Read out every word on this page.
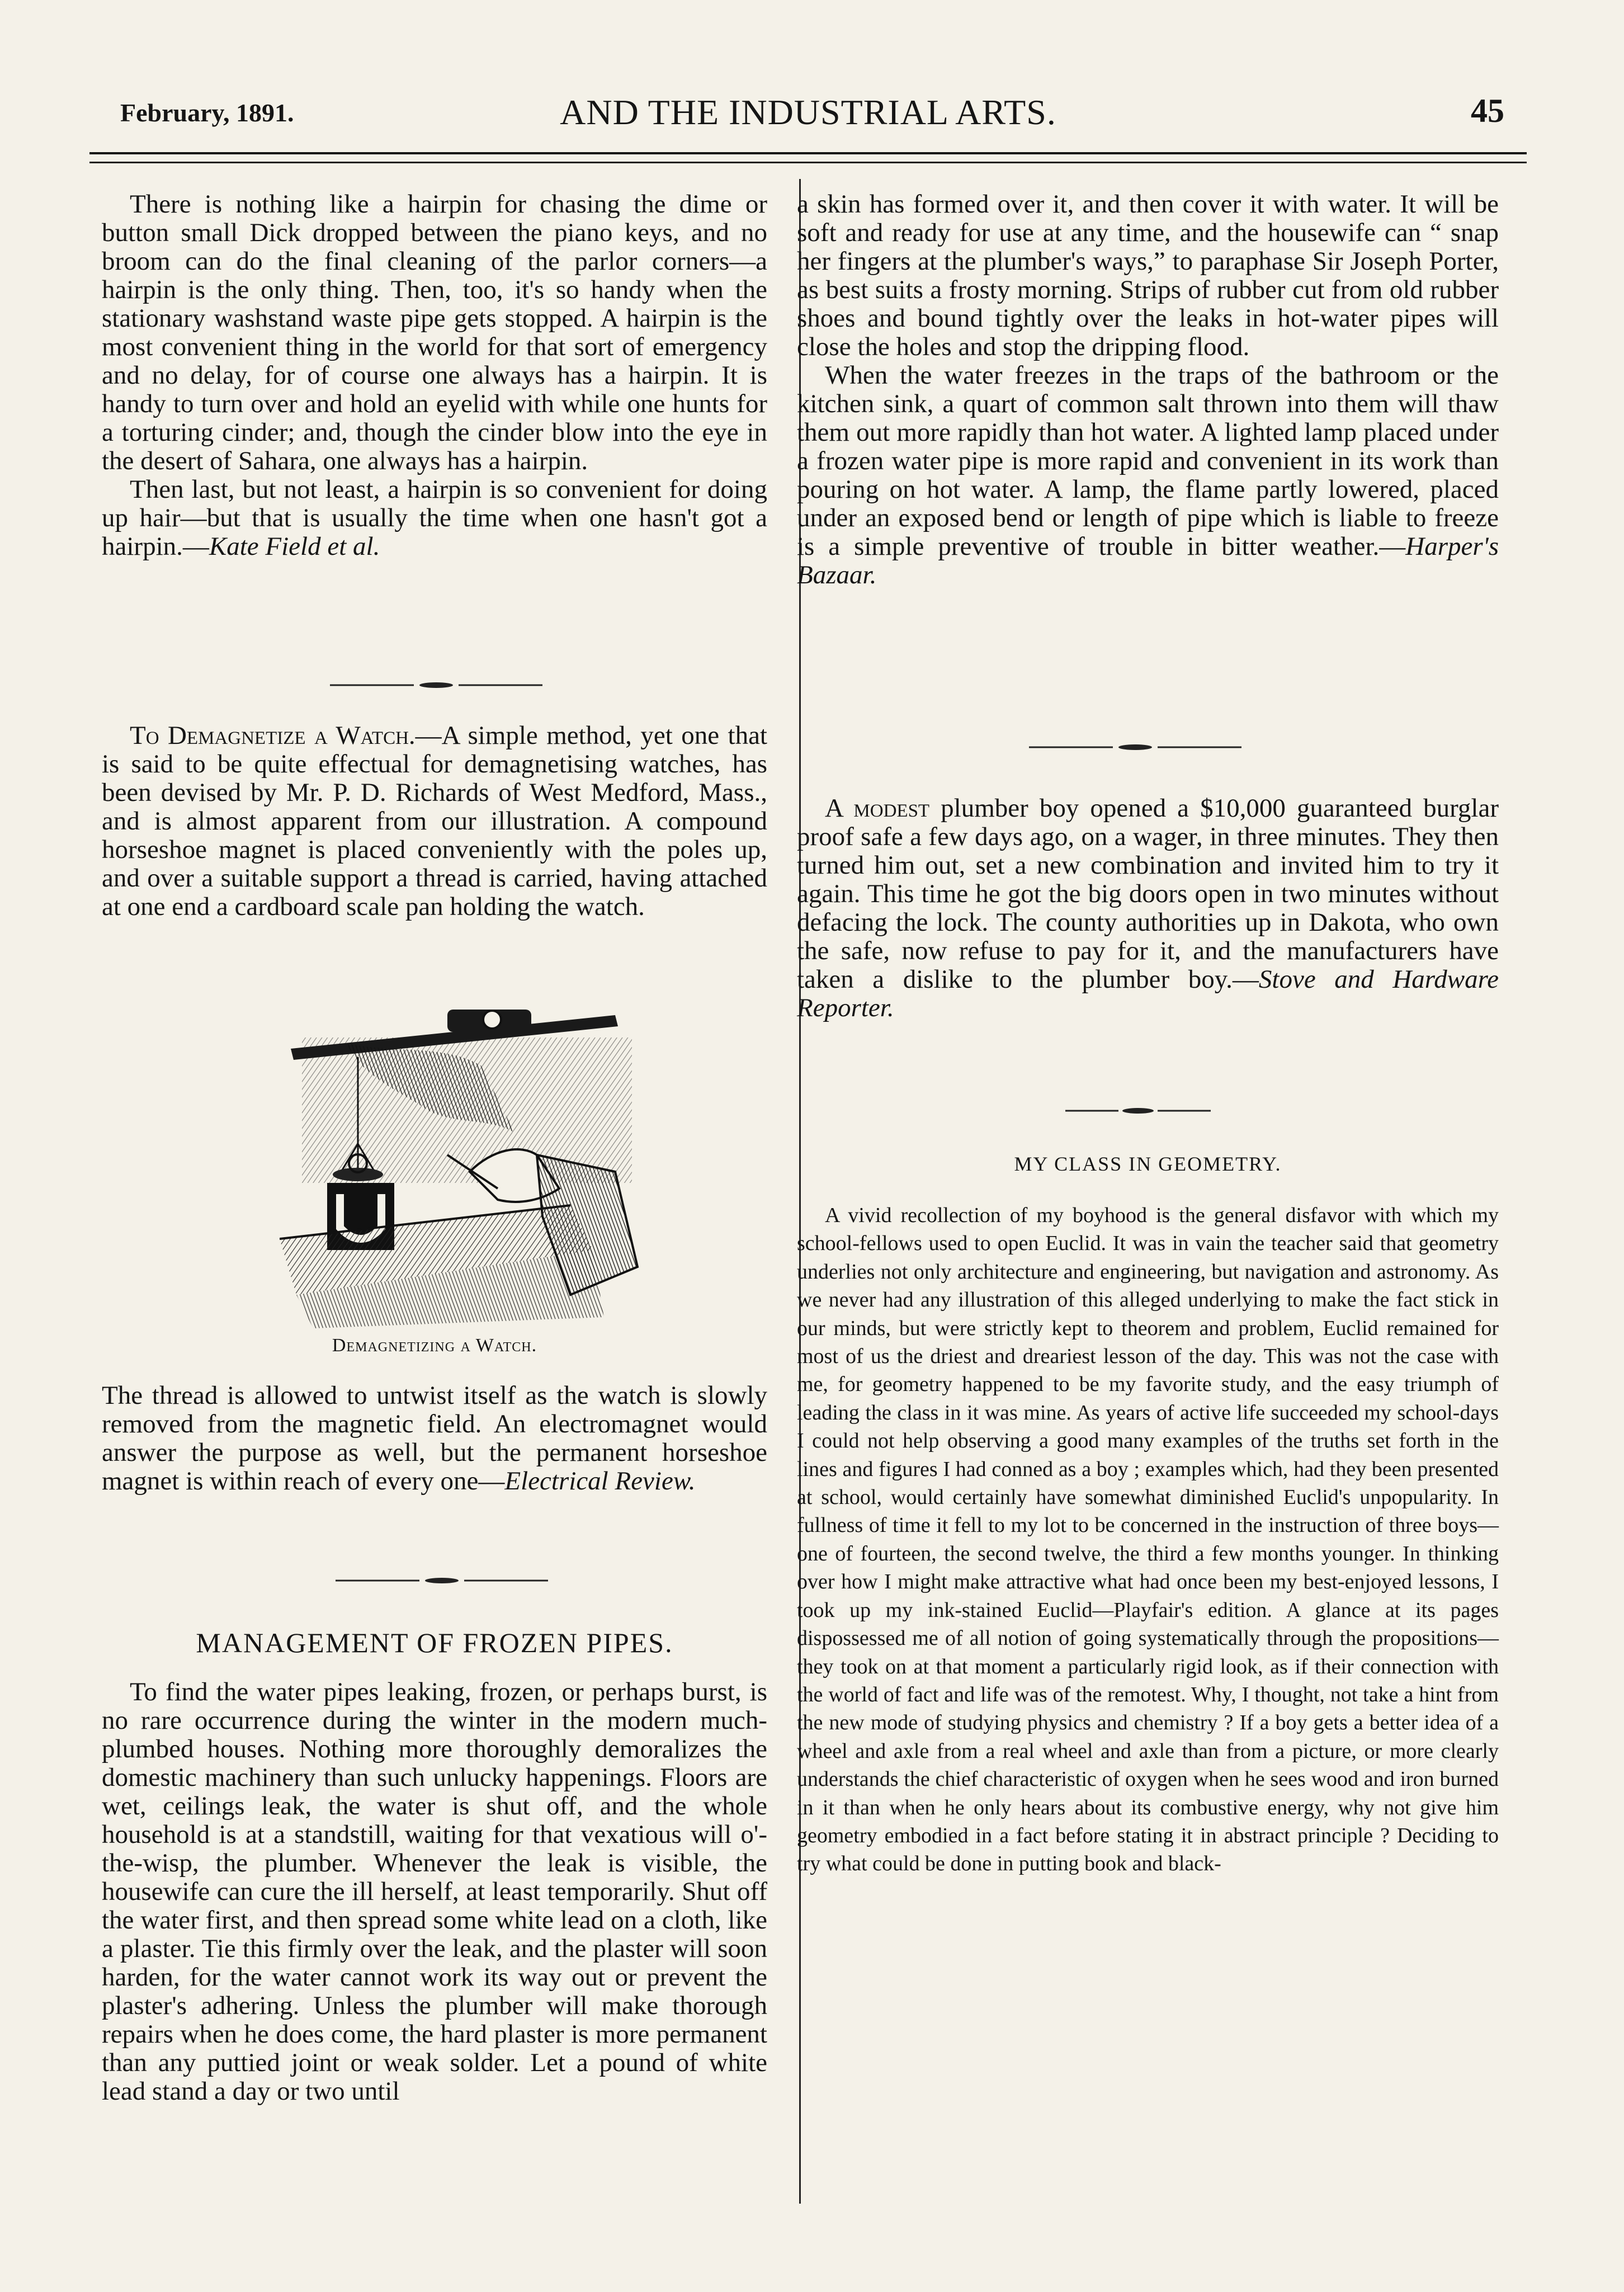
February, 1891.	AND THE INDUSTRIAL ARTS.	45

There is nothing like a hairpin for chasing the dime or button small Dick dropped between the piano keys, and no broom can do the final cleaning of the parlor corners—a hairpin is the only thing. Then, too, it's so handy when the stationary washstand waste pipe gets stopped. A hairpin is the most convenient thing in the world for that sort of emergency and no delay, for of course one always has a hairpin. It is handy to turn over and hold an eyelid with while one hunts for a torturing cinder; and, though the cinder blow into the eye in the desert of Sahara, one always has a hairpin.

Then last, but not least, a hairpin is so convenient for doing up hair—but that is usually the time when one hasn't got a hairpin.—Kate Field et al.

To Demagnetize a Watch.—A simple method, yet one that is said to be quite effectual for demagnetising watches, has been devised by Mr. P. D. Richards of West Medford, Mass., and is almost apparent from our illustration. A compound horseshoe magnet is placed conveniently with the poles up, and over a suitable support a thread is carried, having attached at one end a cardboard scale pan holding the watch.

Demagnetizing a Watch.

The thread is allowed to untwist itself as the watch is slowly removed from the magnetic field. An electromagnet would answer the purpose as well, but the permanent horseshoe magnet is within reach of every one—Electrical Review.

MANAGEMENT OF FROZEN PIPES.

To find the water pipes leaking, frozen, or perhaps burst, is no rare occurrence during the winter in the modern much-plumbed houses. Nothing more thoroughly demoralizes the domestic machinery than such unlucky happenings. Floors are wet, ceilings leak, the water is shut off, and the whole household is at a standstill, waiting for that vexatious will o'-the-wisp, the plumber. Whenever the leak is visible, the housewife can cure the ill herself, at least temporarily. Shut off the water first, and then spread some white lead on a cloth, like a plaster. Tie this firmly over the leak, and the plaster will soon harden, for the water cannot work its way out or prevent the plaster's adhering. Unless the plumber will make thorough repairs when he does come, the hard plaster is more permanent than any puttied joint or weak solder. Let a pound of white lead stand a day or two until

a skin has formed over it, and then cover it with water. It will be soft and ready for use at any time, and the housewife can “ snap her fingers at the plumber's ways,” to paraphase Sir Joseph Porter, as best suits a frosty morning. Strips of rubber cut from old rubber shoes and bound tightly over the leaks in hot-water pipes will close the holes and stop the dripping flood.

When the water freezes in the traps of the bathroom or the kitchen sink, a quart of common salt thrown into them will thaw them out more rapidly than hot water. A lighted lamp placed under a frozen water pipe is more rapid and convenient in its work than pouring on hot water. A lamp, the flame partly lowered, placed under an exposed bend or length of pipe which is liable to freeze is a simple preventive of trouble in bitter weather.—Harper's Bazaar.

A modest plumber boy opened a $10,000 guaranteed burglar proof safe a few days ago, on a wager, in three minutes. They then turned him out, set a new combination and invited him to try it again. This time he got the big doors open in two minutes without defacing the lock. The county authorities up in Dakota, who own the safe, now refuse to pay for it, and the manufacturers have taken a dislike to the plumber boy.—Stove and Hardware Reporter.

MY CLASS IN GEOMETRY.

A vivid recollection of my boyhood is the general disfavor with which my school-fellows used to open Euclid. It was in vain the teacher said that geometry underlies not only architecture and engineering, but navigation and astronomy. As we never had any illustration of this alleged underlying to make the fact stick in our minds, but were strictly kept to theorem and problem, Euclid remained for most of us the driest and dreariest lesson of the day. This was not the case with me, for geometry happened to be my favorite study, and the easy triumph of leading the class in it was mine. As years of active life succeeded my school-days I could not help observing a good many examples of the truths set forth in the lines and figures I had conned as a boy ; examples which, had they been presented at school, would certainly have somewhat diminished Euclid's unpopularity. In fullness of time it fell to my lot to be concerned in the instruction of three boys—one of fourteen, the second twelve, the third a few months younger. In thinking over how I might make attractive what had once been my best-enjoyed lessons, I took up my ink-stained Euclid—Playfair's edition. A glance at its pages dispossessed me of all notion of going systematically through the propositions—they took on at that moment a particularly rigid look, as if their connection with the world of fact and life was of the remotest. Why, I thought, not take a hint from the new mode of studying physics and chemistry ? If a boy gets a better idea of a wheel and axle from a real wheel and axle than from a picture, or more clearly understands the chief characteristic of oxygen when he sees wood and iron burned in it than when he only hears about its combustive energy, why not give him geometry embodied in a fact before stating it in abstract principle ? Deciding to try what could be done in putting book and black-
